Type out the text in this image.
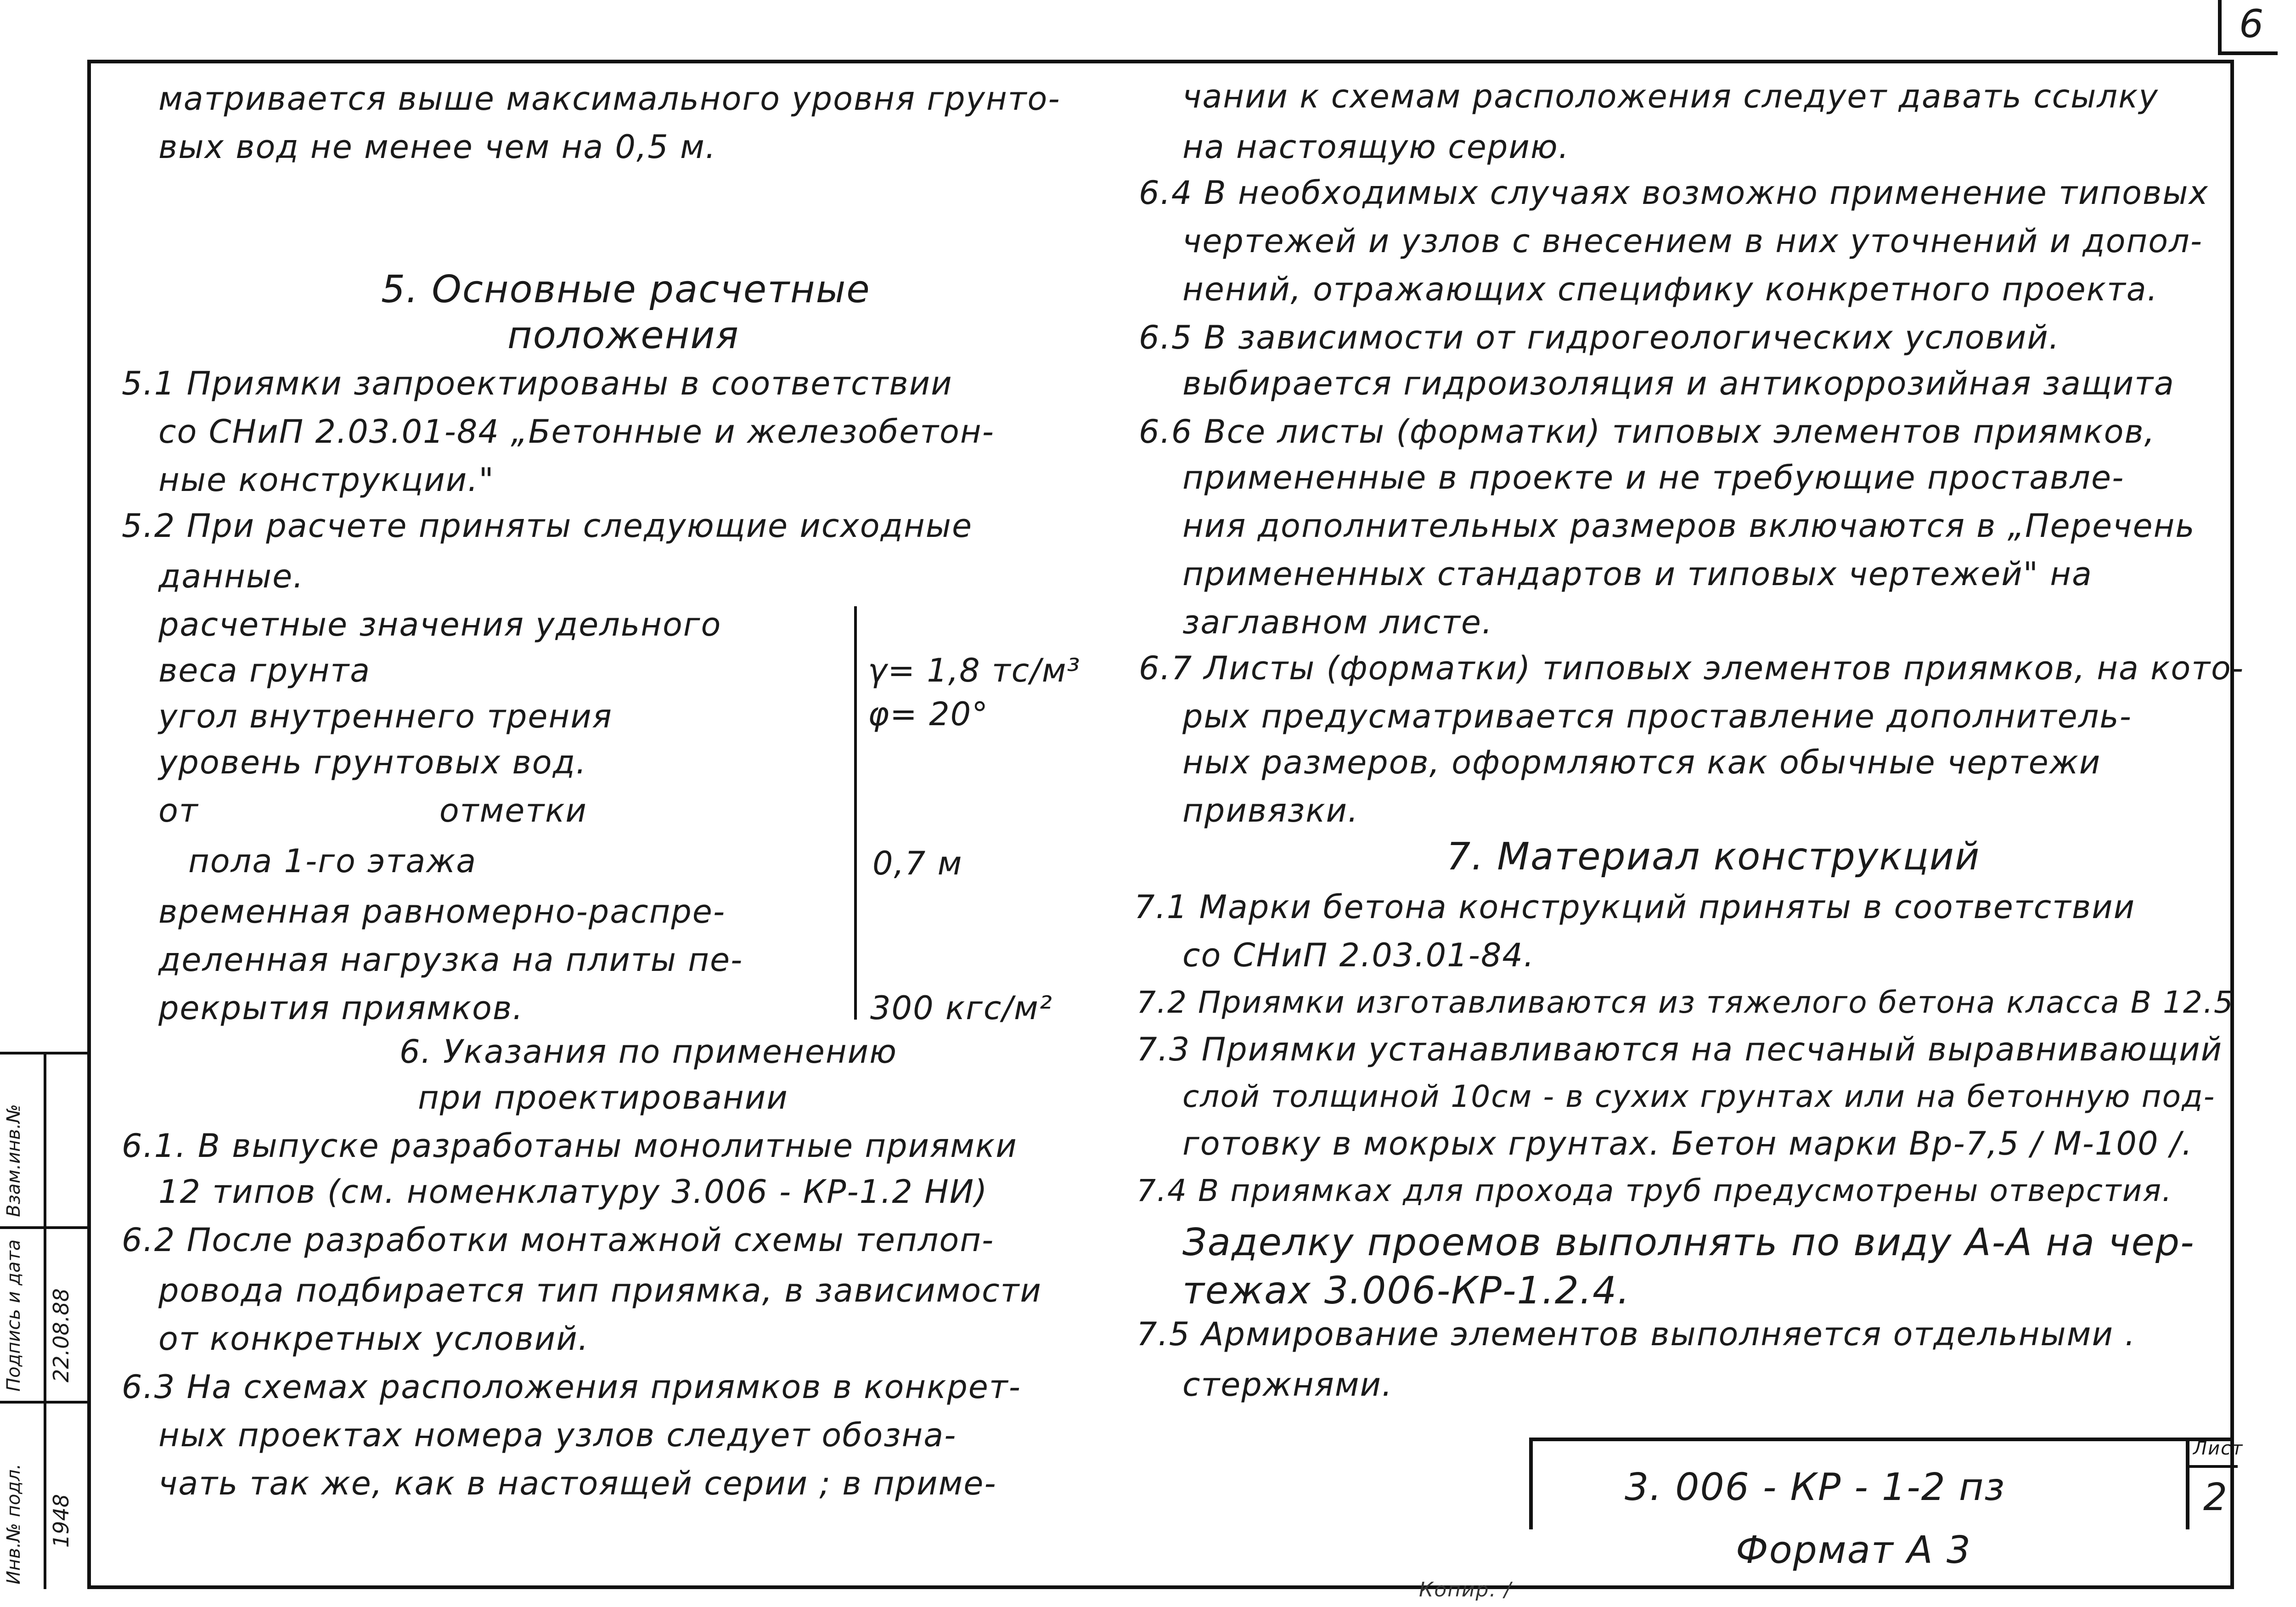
6
матривается выше максимального уровня грунто-
вых вод не менее чем на 0,5 м.
5. Основные расчетные
положения
5.1 Приямки запроектированы в соответствии
со СНиП 2.03.01-84 „Бетонные и железобетон-
ные конструкции."
5.2 При расчете приняты следующие исходные
данные.
расчетные значения удельного
веса грунта	γ= 1,8 тс/м³
угол внутреннего трения	φ= 20°
уровень грунтовых вод.
от отметки
пола 1-го этажа	0,7 м
временная равномерно-распре-
деленная нагрузка на плиты пе-
рекрытия приямков.	300 кгс/м²
6. Указания по применению
при проектировании
6.1. В выпуске разработаны монолитные приямки
12 типов (см. номенклатуру 3.006 - КР-1.2 НИ)
6.2 После разработки монтажной схемы теплоп-
ровода подбирается тип приямка, в зависимости
от конкретных условий.
6.3 На схемах расположения приямков в конкрет-
ных проектах номера узлов следует обозна-
чать так же, как в настоящей серии ; в приме-
чании к схемам расположения следует давать ссылку
на настоящую серию.
6.4 В необходимых случаях возможно применение типовых
чертежей и узлов с внесением в них уточнений и допол-
нений, отражающих специфику конкретного проекта.
6.5 В зависимости от гидрогеологических условий.
выбирается гидроизоляция и антикоррозийная защита
6.6 Все листы (форматки) типовых элементов приямков,
примененные в проекте и не требующие проставле-
ния дополнительных размеров включаются в „Перечень
примененных стандартов и типовых чертежей" на
заглавном листе.
6.7 Листы (форматки) типовых элементов приямков, на кото-
рых предусматривается проставление дополнитель-
ных размеров, оформляются как обычные чертежи
привязки.
7. Материал конструкций
7.1 Марки бетона конструкций приняты в соответствии
со СНиП 2.03.01-84.
7.2 Приямки изготавливаются из тяжелого бетона класса В 12.5
7.3 Приямки устанавливаются на песчаный выравнивающий
слой толщиной 10см - в сухих грунтах или на бетонную под-
готовку в мокрых грунтах. Бетон марки Вр-7,5 / М-100 /.
7.4 В приямках для прохода труб предусмотрены отверстия.
Заделку проемов выполнять по виду А-А на чер-
тежах 3.006-КР-1.2.4.
7.5 Армирование элементов выполняется отдельными .
стержнями.
3. 006 - КР - 1-2 пз
Лист
2
Формат А 3
Копир. /
Подпись и дата
Взам.инв.№
Инв.№ подл.
22.08.88
1948
